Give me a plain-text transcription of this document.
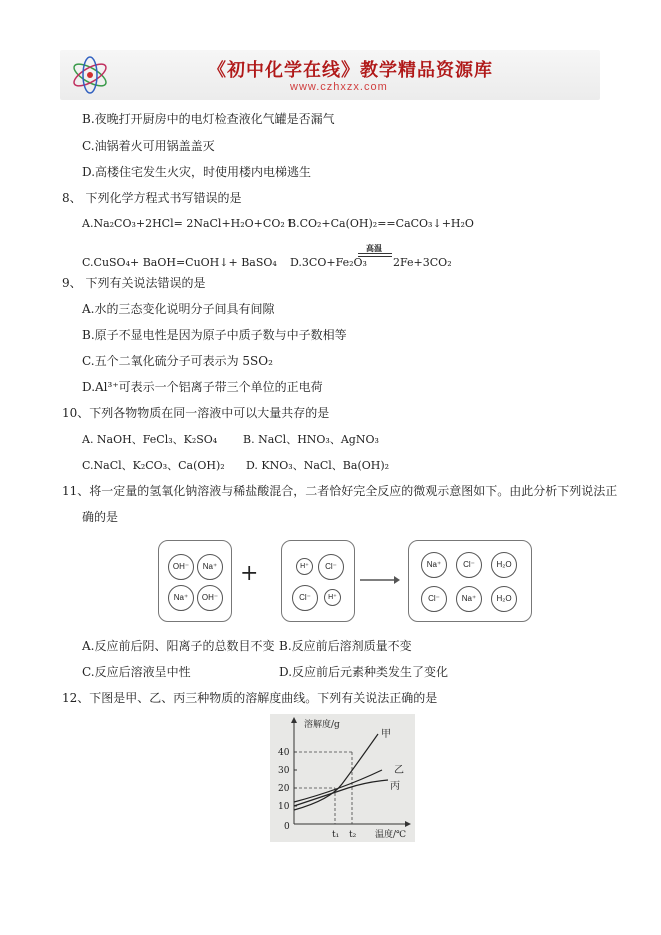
《初中化学在线》教学精品资源库
www.czhxzx.com
B.夜晚打开厨房中的电灯检查液化气罐是否漏气
C.油锅着火可用锅盖盖灭
D.高楼住宅发生火灾，时使用楼内电梯逃生
8、 下列化学方程式书写错误的是
A.Na₂CO₃+2HCl= 2NaCl+H₂O+CO₂↑
B.CO₂+Ca(OH)₂==CaCO₃↓+H₂O
C.CuSO₄+ BaOH=CuOH↓+ BaSO₄ D.3CO+Fe₂O₃
高温
2Fe+3CO₂
9、 下列有关说法错误的是
A.水的三态变化说明分子间具有间隙
B.原子不显电性是因为原子中质子数与中子数相等
C.五个二氧化硫分子可表示为 5SO₂
D.Al³⁺可表示一个铝离子带三个单位的正电荷
10、下列各物物质在同一溶液中可以大量共存的是
A. NaOH、FeCl₃、K₂SO₄ B. NaCl、HNO₃、AgNO₃
C.NaCl、K₂CO₃、Ca(OH)₂ D. KNO₃、NaCl、Ba(OH)₂
11、将一定量的氢氧化钠溶液与稀盐酸混合，二者恰好完全反应的微观示意图如下。由此分析下列说法正
确的是
OH⁻	Na⁺
Na⁺	OH⁻
+	H⁺	Cl⁻
Cl⁻	H⁺
Na⁺	Cl⁻	H₂O
Cl⁻	Na⁺	H₂O
A.反应前后阴、阳离子的总数目不变 B.反应前后溶剂质量不变
C.反应后溶液呈中性	D.反应前后元素种类发生了变化
12、下图是甲、乙、丙三种物质的溶解度曲线。下列有关说法正确的是
溶解度/g
温度/℃
40
30
20
10
0
t₁ t₂
甲
乙
丙
